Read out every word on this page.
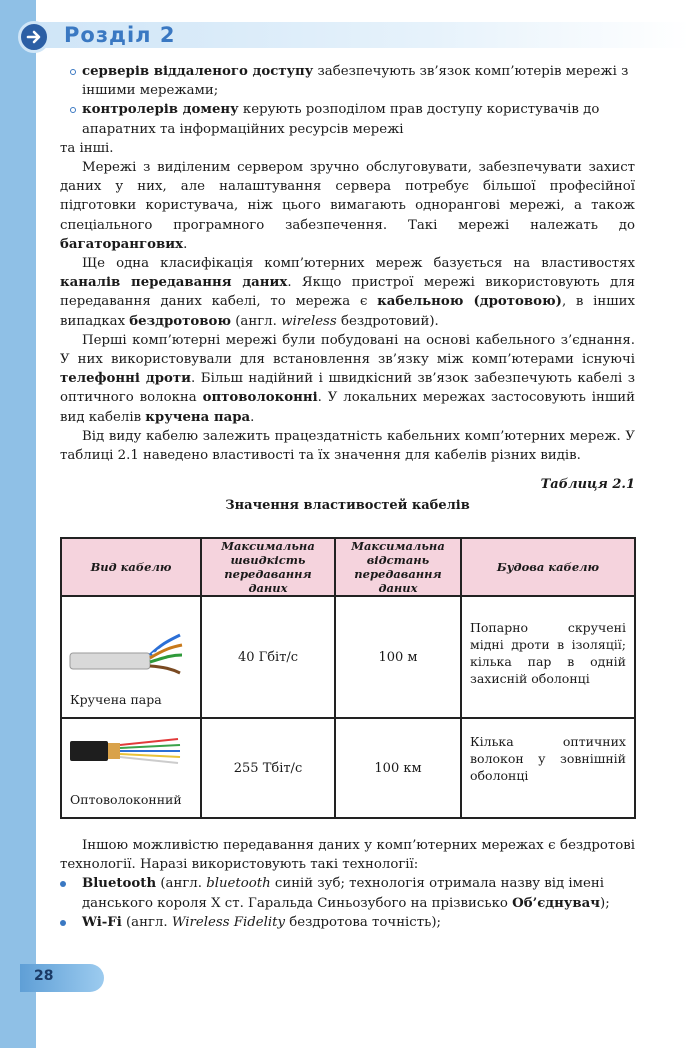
Розділ 2
серверів віддаленого доступу забезпечують зв’язок комп’ютерів мережі з іншими мережами;
контролерів домену керують розподілом прав доступу користувачів до апаратних та інформаційних ресурсів мережі

та інші.

Мережі з виділеним сервером зручно обслуговувати, забезпечувати захист даних у них, але налаштування сервера потребує більшої професійної підготовки користувача, ніж цього вимагають однорангові мережі, а також спеціального програмного забезпечення. Такі мережі належать до багаторангових.

Ще одна класифікація комп’ютерних мереж базується на властивостях каналів передавання даних. Якщо пристрої мережі використовують для передавання даних кабелі, то мережа є кабельною (дротовою), в інших випадках бездротовою (англ. wireless бездротовий).

Перші комп’ютерні мережі були побудовані на основі кабельного з’єднання. У них використовували для встановлення зв’язку між комп’ютерами існуючі телефонні дроти. Більш надійний і швидкісний зв’язок забезпечують кабелі з оптичного волокна оптоволоконні. У локальних мережах застосовують інший вид кабелів кручена пара.

Від виду кабелю залежить працездатність кабельних комп’ютерних мереж. У таблиці 2.1 наведено властивості та їх значення для кабелів різних видів.

Таблиця 2.1
Значення властивостей кабелів
Вид кабелю	Максимальна швидкість передавання даних	Максимальна відстань передавання даних	Будова кабелю

Кручена пара	40 Гбіт/с	100 м	Попарно скручені мідні дроти в ізоляції; кілька пар в одній захисній оболонці

Оптоволоконний	255 Тбіт/с	100 км	Кілька оптичних волокон у зовнішній оболонці

Іншою можливістю передавання даних у комп’ютерних мережах є бездротові технології. Наразі використовують такі технології:

Bluetooth (англ. bluetooth синій зуб; технологія отримала назву від імені данського короля X ст. Гаральда Синьозубого на прізвисько Об’єднувач);
Wi-Fi (англ. Wireless Fidelity бездротова точність);
28
